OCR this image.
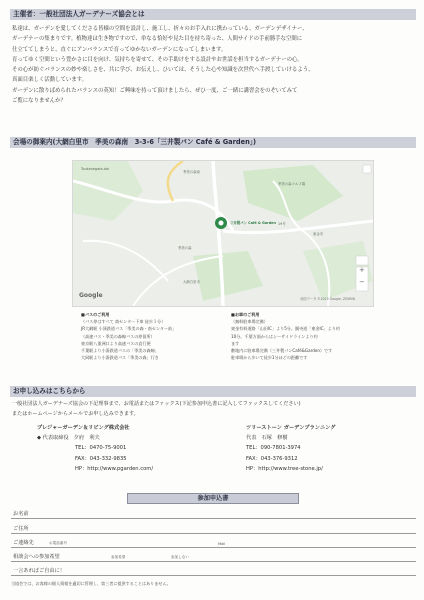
主催者：一般社団法人ガーデナーズ協会とは

私達は、ガーデンを愛してくださる皆様の空間を設計し、施工し、折々のお手入れに携わっている、ガーデンデザイナー、

ガーデナーの集まりです。植物達は生き物ですので、単なる恰好や見た目を持ち寄った、人間サイドの手前勝手な空間に

仕立ててしまうと、直ぐにアンバランスで育ってゆかないガーデンになってしまいます。

育ってゆく空間という豊かさに目を向け、気持ちを寄せて、その手助けをする設計やお世話を担当するガーデナーの心。

その心が紡ぐバランスの妙や楽しさを、共に学び、お伝えし、ひいては、そうした心や知識を次世代へ手渡していけるよう、

真面目楽しく活動しています。

ガーデンに散りばめられたバランスの英知！ご興味を持って頂けましたら、ぜひ一度、ご一緒に講習会をのぞいてみて

ご覧になりませんか？

会場の御案内(大網白里市　季美の森南　3-3-6「三井製パン Café & Garden」)
Toukanegata-dai
季美の森南
三井製パン Café & Garden
季美の森ゴルフ場
季美の森
大網白里市
東金市
19号
Google	地図データ ©2019 Google, ZENRIN
+
−

■バスのご利用

（バス停はすべて 商センター下車 徒歩１分）

JR大網駅 小湊鉄道バス「季美の森・南センター前」

（高速バス・季美の森線バスの停留所）

東京駅八重洲口より高速バスの直行便

千葉駅より小湊鉄道バスの「季美の森線」

大网駅より小湊鉄道バス「季美の森」行き

■お車のご利用

（無料駐車場完備）

東金有料道路「山田IC」より5分。圏央道「東金IC」より約

10分。千葉方面からはシーサイドラインより約

ます

敷地内に駐車場完備（三井製パンCafé&Garden）です

駐車場から歩いて徒歩1分ほどの距離です

お申し込みはこちらから

一般社団法人ガーデナーズ協会の下記理事まで、お電話またはファックス(下記参加申込書に記入してファックスしてください)

またはホームページからメールでお申し込みできます。

プレジャーガーデン＆リビング株式会社

◆ 代表取締役　夕府　利夫

TEL：0470-75-9001

FAX：043-332-9835

HP：http://www.pgarden.com/

ツリーストーン ガーデンプランニング

代表　石塚　修樹

TEL：090-7801-3974

FAX：043-376-9312

HP：http://www.tree-stone.jp/

参加申込書
お名前
ご住所
ご連絡先	お電話番号	Mail
相談会への参加希望	参加希望	参加しない
一言あればご自由に！
当協会では、お客様の個人情報を適切に管理し、第三者に提供することはありません。
